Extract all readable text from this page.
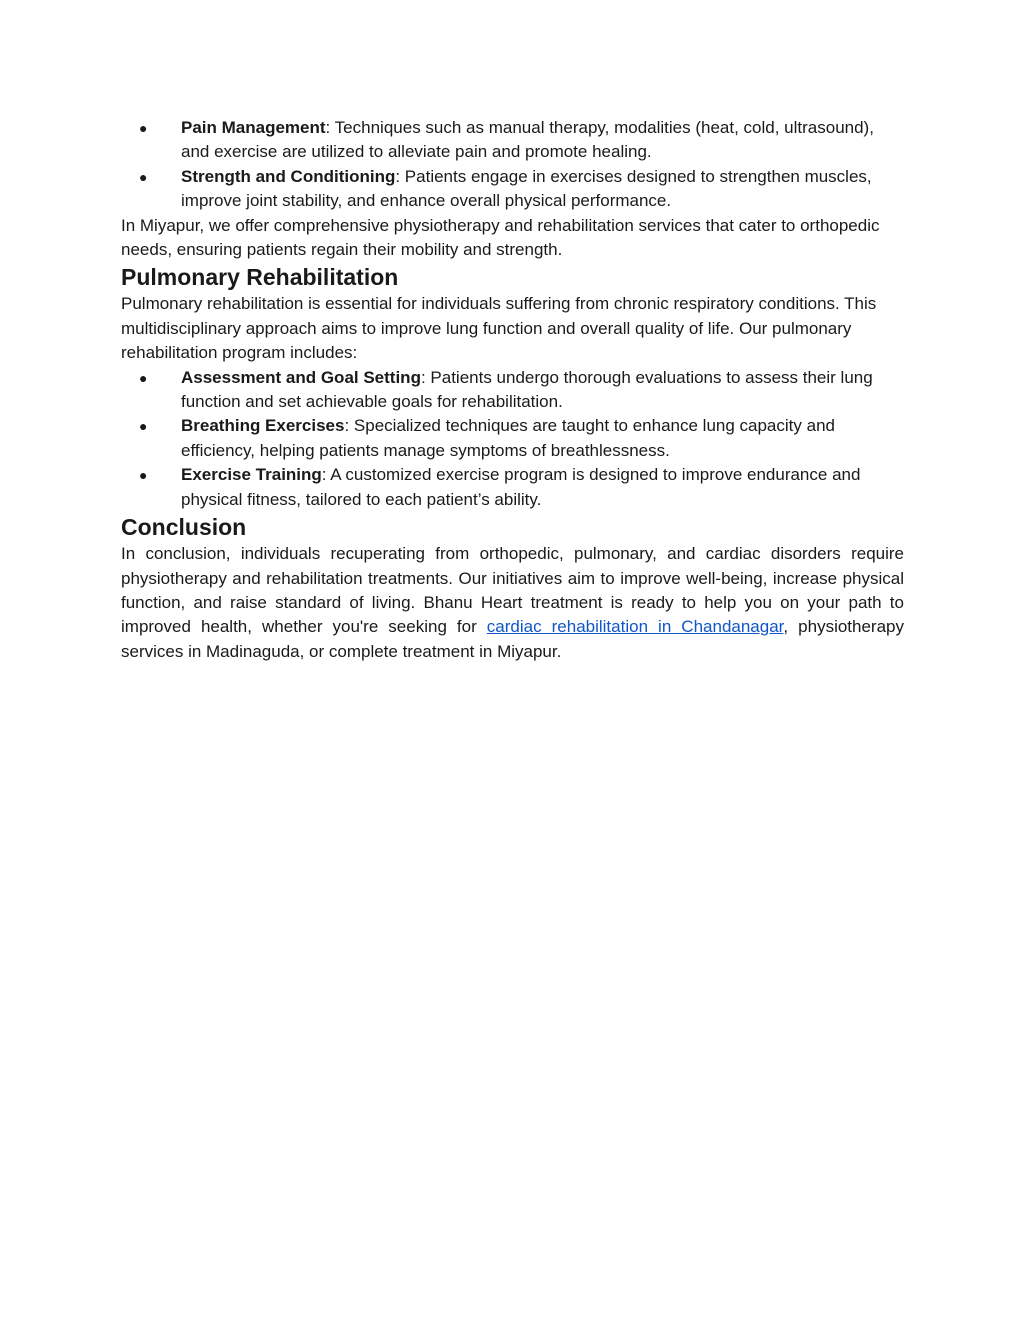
● Pain Management: Techniques such as manual therapy, modalities (heat, cold, ultrasound), and exercise are utilized to alleviate pain and promote healing.
● Strength and Conditioning: Patients engage in exercises designed to strengthen muscles, improve joint stability, and enhance overall physical performance.

In Miyapur, we offer comprehensive physiotherapy and rehabilitation services that cater to orthopedic needs, ensuring patients regain their mobility and strength.

Pulmonary Rehabilitation

Pulmonary rehabilitation is essential for individuals suffering from chronic respiratory conditions. This multidisciplinary approach aims to improve lung function and overall quality of life. Our pulmonary rehabilitation program includes:

● Assessment and Goal Setting: Patients undergo thorough evaluations to assess their lung function and set achievable goals for rehabilitation.
● Breathing Exercises: Specialized techniques are taught to enhance lung capacity and efficiency, helping patients manage symptoms of breathlessness.
● Exercise Training: A customized exercise program is designed to improve endurance and physical fitness, tailored to each patient’s ability.
Conclusion

In conclusion, individuals recuperating from orthopedic, pulmonary, and cardiac disorders require physiotherapy and rehabilitation treatments. Our initiatives aim to improve well-being, increase physical function, and raise standard of living. Bhanu Heart treatment is ready to help you on your path to improved health, whether you're seeking for cardiac rehabilitation in Chandanagar, physiotherapy services in Madinaguda, or complete treatment in Miyapur.
